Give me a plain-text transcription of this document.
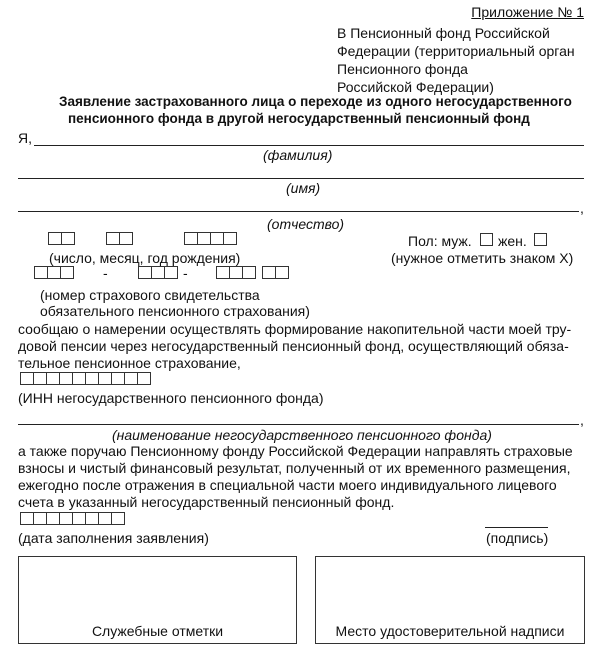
Приложение № 1
В Пенсионный фонд Российской
Федерации (территориальный орган
Пенсионного фонда
Российской Федерации)
Заявление застрахованного лица о переходе из одного негосударственного
пенсионного фонда в другой негосударственный пенсионный фонд
Я,
(фамилия)
(имя)
,
(отчество)
(число, месяц, год рождения)
Пол: муж. жен.
(нужное отметить знаком X)
-	-
(номер страхового свидетельства
обязательного пенсионного страхования)
сообщаю о намерении осуществлять формирование накопительной части моей тру-
довой пенсии через негосударственный пенсионный фонд, осуществляющий обяза-
тельное пенсионное страхование,
(ИНН негосударственного пенсионного фонда)
,
(наименование негосударственного пенсионного фонда)
а также поручаю Пенсионному фонду Российской Федерации направлять страховые
взносы и чистый финансовый результат, полученный от их временного размещения,
ежегодно после отражения в специальной части моего индивидуального лицевого
счета в указанный негосударственный пенсионный фонд.
(дата заполнения заявления)	(подпись)
Служебные отметки	Место удостоверительной надписи
